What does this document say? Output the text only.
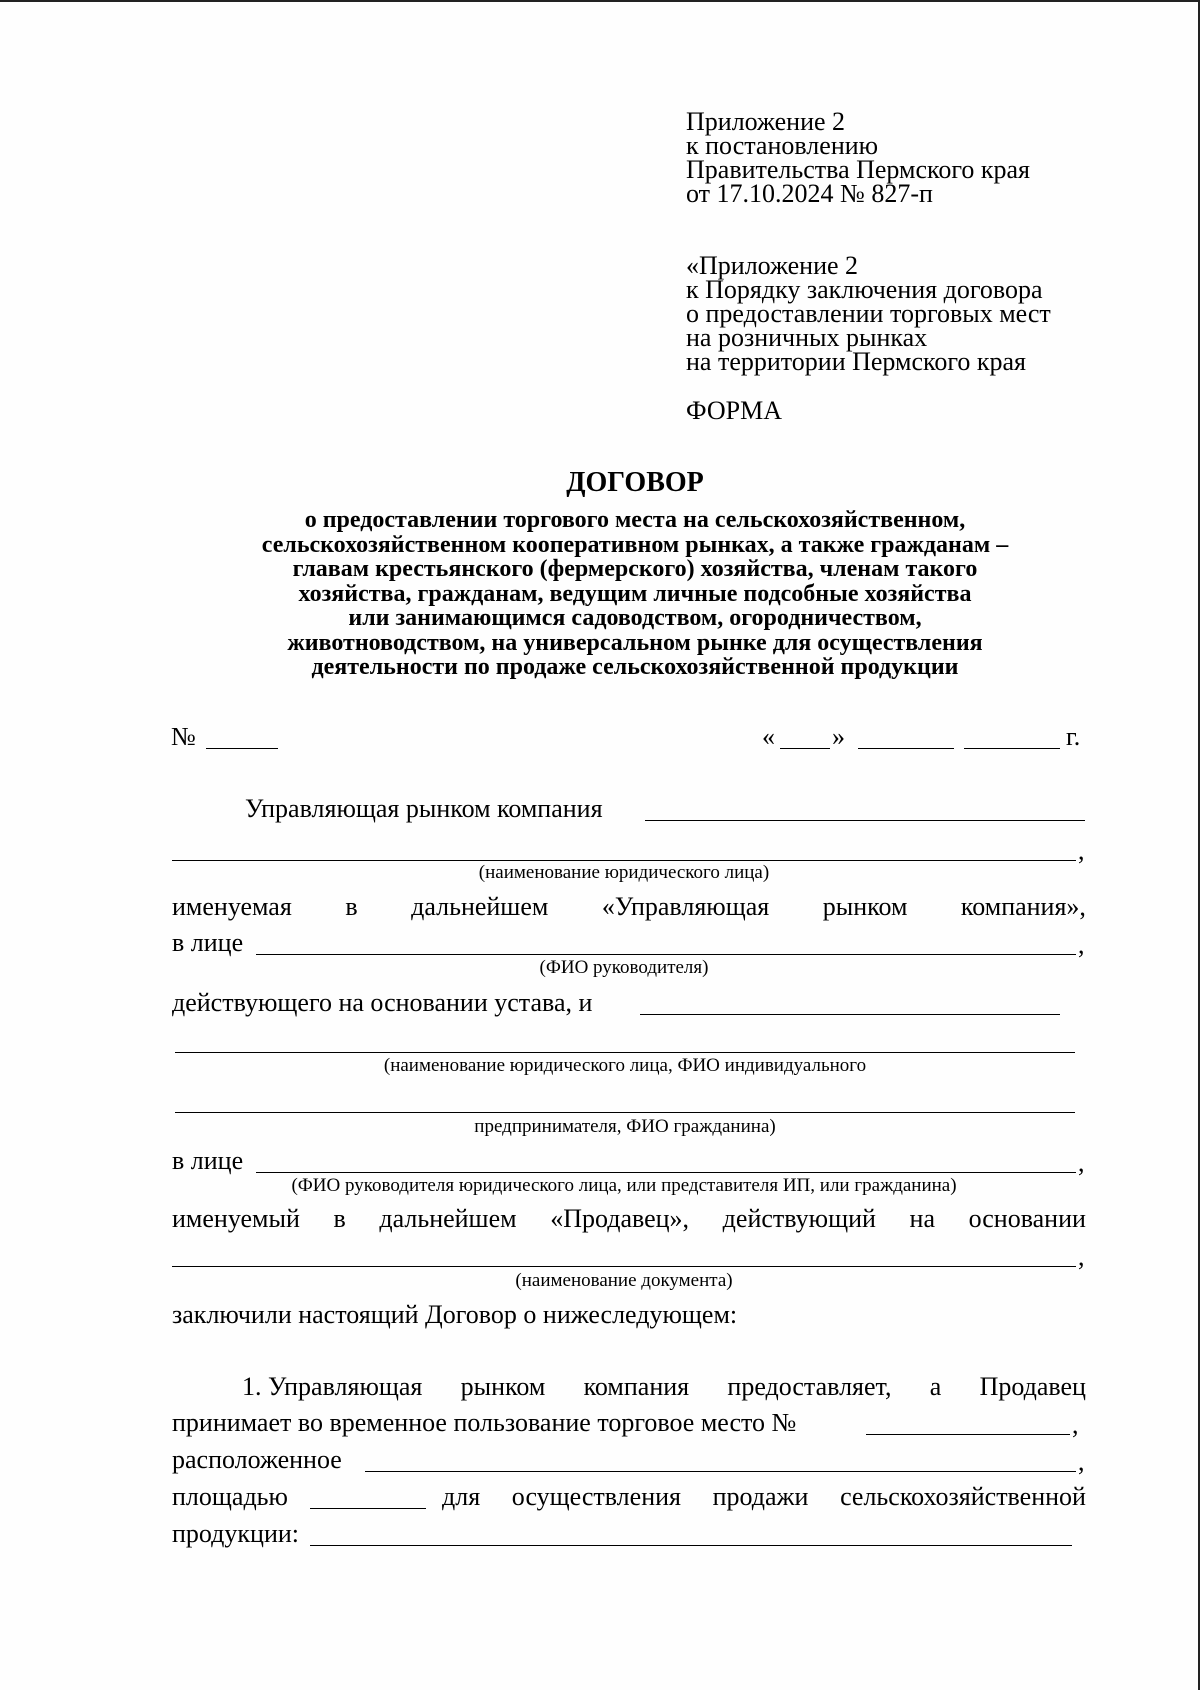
Приложение 2
к постановлению
Правительства Пермского края
от 17.10.2024 № 827-п
«Приложение 2
к Порядку заключения договора
о предоставлении торговых мест
на розничных рынках
на территории Пермского края
ФОРМА
ДОГОВОР
о предоставлении торгового места на сельскохозяйственном,
сельскохозяйственном кооперативном рынках, а также гражданам –
главам крестьянского (фермерского) хозяйства, членам такого
хозяйства, гражданам, ведущим личные подсобные хозяйства
или занимающимся садоводством, огородничеством,
животноводством, на универсальном рынке для осуществления
деятельности по продаже сельскохозяйственной продукции
№	« »	г.
Управляющая рынком компания
,
(наименование юридического лица)
именуемая в дальнейшем «Управляющая рынком компания»,
в лице	,
(ФИО руководителя)
действующего на основании устава, и
(наименование юридического лица, ФИО индивидуального
предпринимателя, ФИО гражданина)
в лице	,
(ФИО руководителя юридического лица, или представителя ИП, или гражданина)
именуемый в дальнейшем «Продавец», действующий на основании
,
(наименование документа)
заключили настоящий Договор о нижеследующем:
1. Управляющая рынком компания предоставляет, а Продавец
принимает во временное пользование торговое место №	,
расположенное	,
площадью	для осуществления продажи сельскохозяйственной
продукции:
